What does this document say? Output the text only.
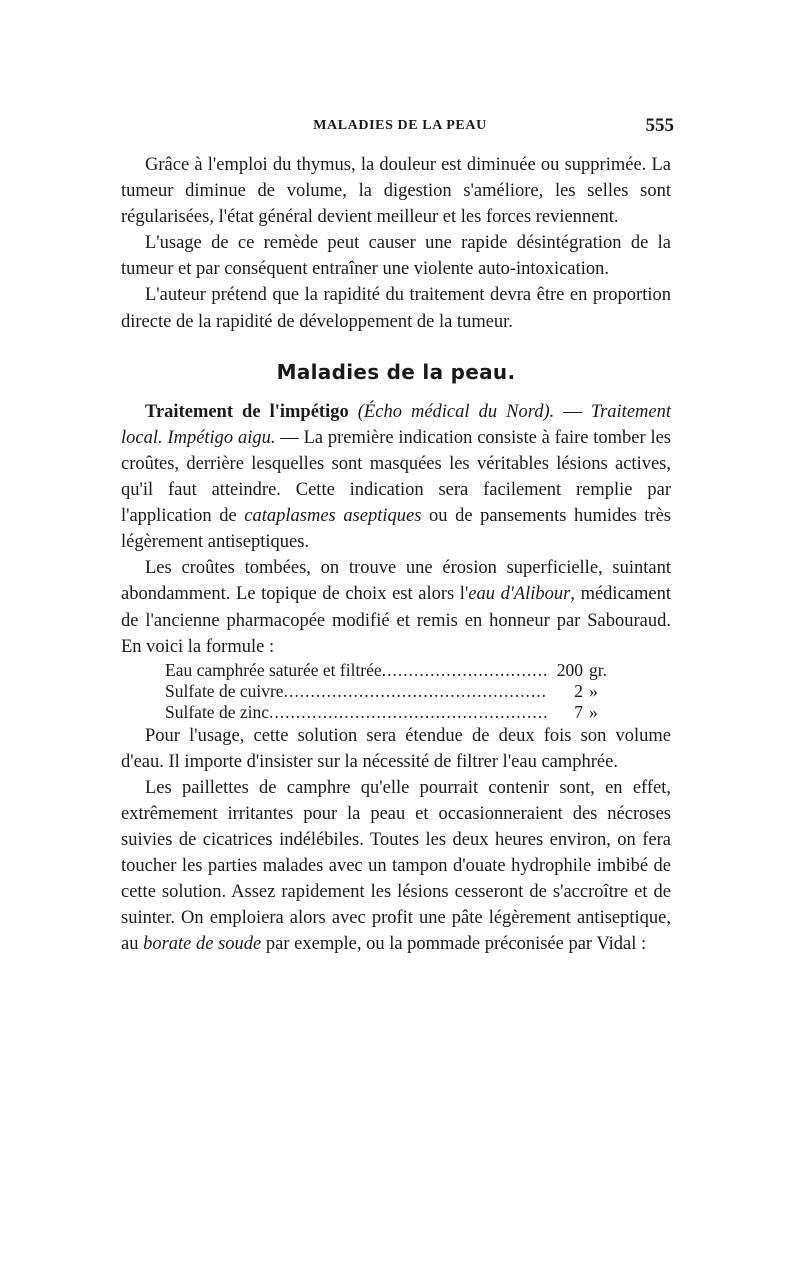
MALADIES DE LA PEAU	555

Grâce à l'emploi du thymus, la douleur est diminuée ou supprimée. La tumeur diminue de volume, la digestion s'améliore, les selles sont régularisées, l'état général devient meilleur et les forces reviennent.

L'usage de ce remède peut causer une rapide désintégration de la tumeur et par conséquent entraîner une violente auto-intoxication.

L'auteur prétend que la rapidité du traitement devra être en proportion directe de la rapidité de développement de la tumeur.

Maladies de la peau.

Traitement de l'impétigo (Écho médical du Nord). — Traitement local. Impétigo aigu. — La première indication consiste à faire tomber les croûtes, derrière lesquelles sont masquées les véritables lésions actives, qu'il faut atteindre. Cette indication sera facilement remplie par l'application de cataplasmes aseptiques ou de pansements humides très légèrement antiseptiques.

Les croûtes tombées, on trouve une érosion superficielle, suintant abondamment. Le topique de choix est alors l'eau d'Alibour, médicament de l'ancienne pharmacopée modifié et remis en honneur par Sabouraud. En voici la formule :

Eau camphrée saturée et filtrée .....	200 gr.
Sulfate de cuivre .....	2 »
Sulfate de zinc .....	7 »

Pour l'usage, cette solution sera étendue de deux fois son volume d'eau. Il importe d'insister sur la nécessité de filtrer l'eau camphrée.

Les paillettes de camphre qu'elle pourrait contenir sont, en effet, extrêmement irritantes pour la peau et occasionneraient des nécroses suivies de cicatrices indélébiles. Toutes les deux heures environ, on fera toucher les parties malades avec un tampon d'ouate hydrophile imbibé de cette solution. Assez rapidement les lésions cesseront de s'accroître et de suinter. On emploiera alors avec profit une pâte légèrement antiseptique, au borate de soude par exemple, ou la pommade préconisée par Vidal :
